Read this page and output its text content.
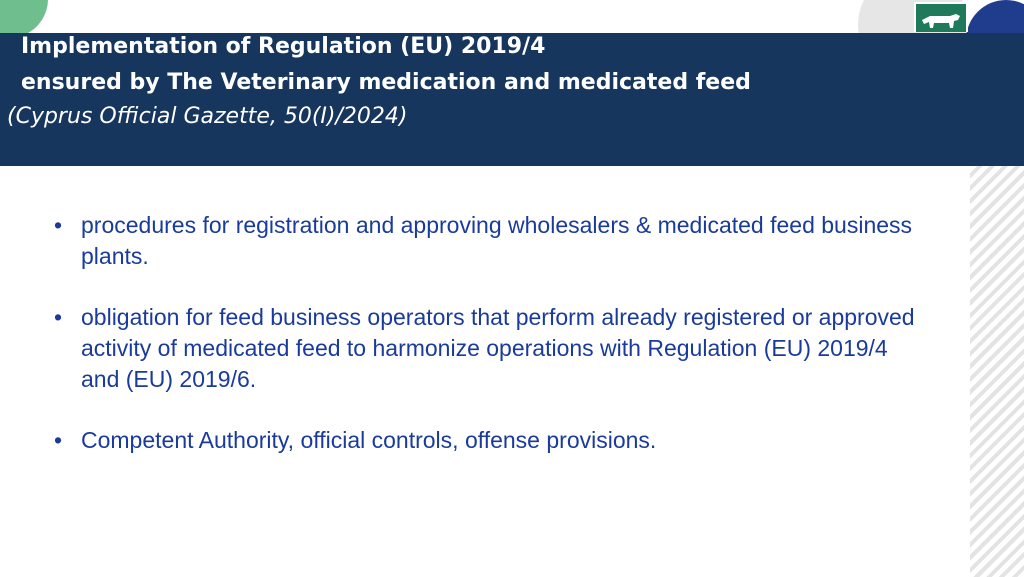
Implementation of Regulation (EU) 2019/4
ensured by The Veterinary medication and medicated feed
(Cyprus Official Gazette, 50(I)/2024)
• procedures for registration and approving wholesalers & medicated feed business plants.
• obligation for feed business operators that perform already registered or approved activity of medicated feed to harmonize operations with Regulation (EU) 2019/4 and (EU) 2019/6.
• Competent Authority, official controls, offense provisions.
